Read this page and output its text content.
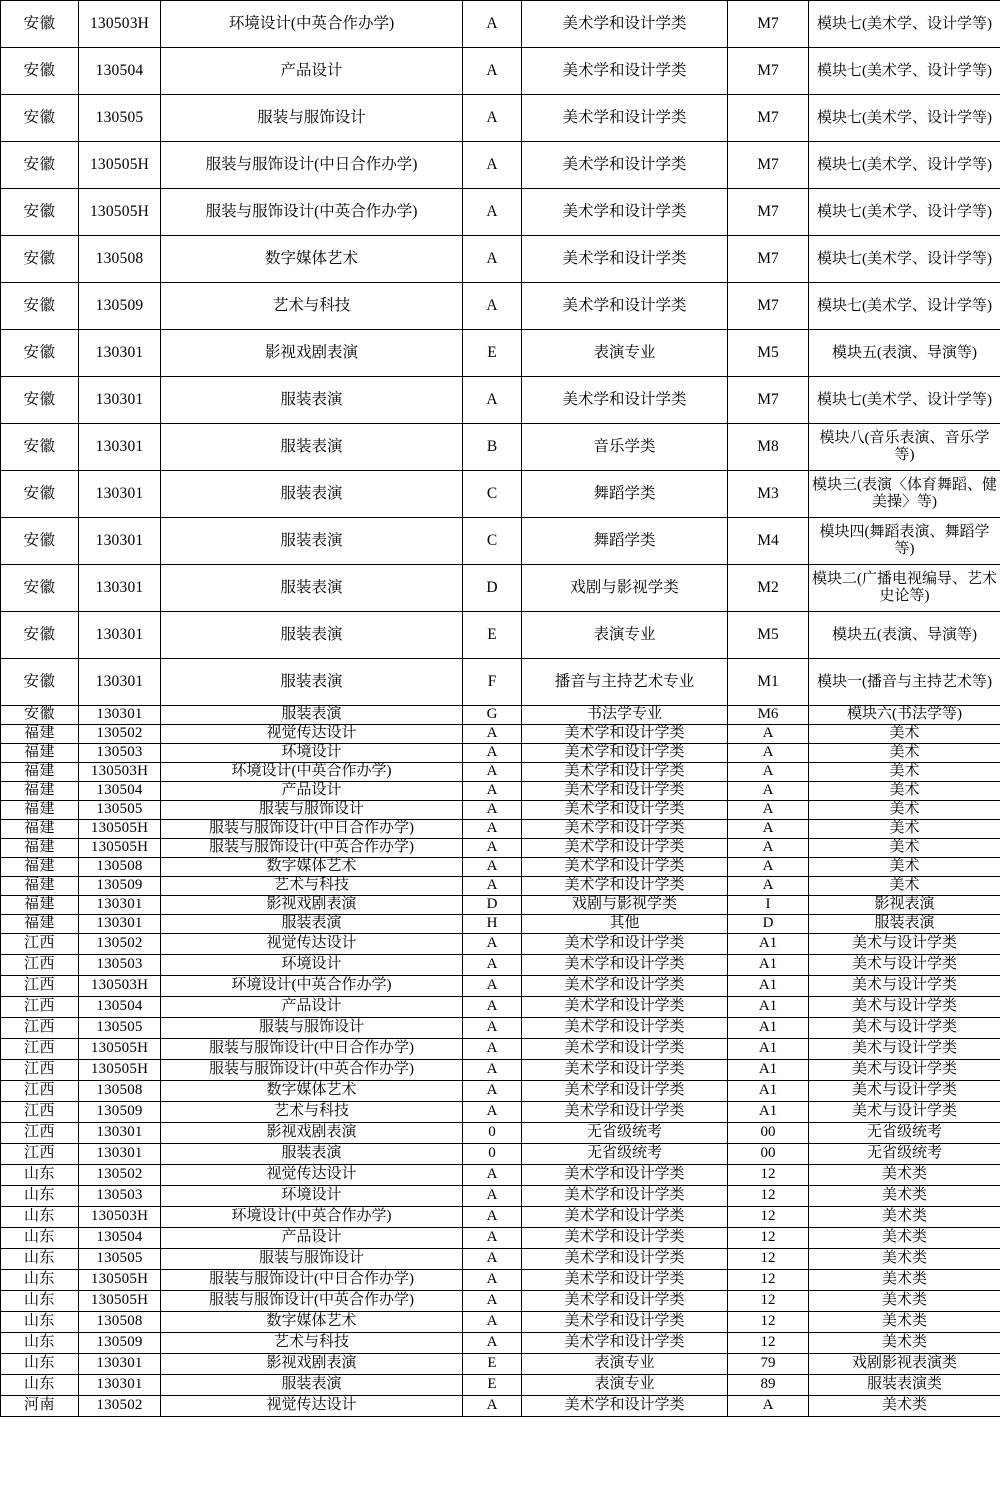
安徽	130503H	环境设计(中英合作办学)	A	美术学和设计学类	M7	模块七(美术学、设计学等)
安徽	130504	产品设计	A	美术学和设计学类	M7	模块七(美术学、设计学等)
安徽	130505	服装与服饰设计	A	美术学和设计学类	M7	模块七(美术学、设计学等)
安徽	130505H	服装与服饰设计(中日合作办学)	A	美术学和设计学类	M7	模块七(美术学、设计学等)
安徽	130505H	服装与服饰设计(中英合作办学)	A	美术学和设计学类	M7	模块七(美术学、设计学等)
安徽	130508	数字媒体艺术	A	美术学和设计学类	M7	模块七(美术学、设计学等)
安徽	130509	艺术与科技	A	美术学和设计学类	M7	模块七(美术学、设计学等)
安徽	130301	影视戏剧表演	E	表演专业	M5	模块五(表演、导演等)
安徽	130301	服装表演	A	美术学和设计学类	M7	模块七(美术学、设计学等)
安徽	130301	服装表演	B	音乐学类	M8	模块八(音乐表演、音乐学等)
安徽	130301	服装表演	C	舞蹈学类	M3	模块三(表演〈体育舞蹈、健美操〉等)
安徽	130301	服装表演	C	舞蹈学类	M4	模块四(舞蹈表演、舞蹈学等)
安徽	130301	服装表演	D	戏剧与影视学类	M2	模块二(广播电视编导、艺术史论等)
安徽	130301	服装表演	E	表演专业	M5	模块五(表演、导演等)
安徽	130301	服装表演	F	播音与主持艺术专业	M1	模块一(播音与主持艺术等)
安徽	130301	服装表演	G	书法学专业	M6	模块六(书法学等)
福建	130502	视觉传达设计	A	美术学和设计学类	A	美术
福建	130503	环境设计	A	美术学和设计学类	A	美术
福建	130503H	环境设计(中英合作办学)	A	美术学和设计学类	A	美术
福建	130504	产品设计	A	美术学和设计学类	A	美术
福建	130505	服装与服饰设计	A	美术学和设计学类	A	美术
福建	130505H	服装与服饰设计(中日合作办学)	A	美术学和设计学类	A	美术
福建	130505H	服装与服饰设计(中英合作办学)	A	美术学和设计学类	A	美术
福建	130508	数字媒体艺术	A	美术学和设计学类	A	美术
福建	130509	艺术与科技	A	美术学和设计学类	A	美术
福建	130301	影视戏剧表演	D	戏剧与影视学类	I	影视表演
福建	130301	服装表演	H	其他	D	服装表演
江西	130502	视觉传达设计	A	美术学和设计学类	A1	美术与设计学类
江西	130503	环境设计	A	美术学和设计学类	A1	美术与设计学类
江西	130503H	环境设计(中英合作办学)	A	美术学和设计学类	A1	美术与设计学类
江西	130504	产品设计	A	美术学和设计学类	A1	美术与设计学类
江西	130505	服装与服饰设计	A	美术学和设计学类	A1	美术与设计学类
江西	130505H	服装与服饰设计(中日合作办学)	A	美术学和设计学类	A1	美术与设计学类
江西	130505H	服装与服饰设计(中英合作办学)	A	美术学和设计学类	A1	美术与设计学类
江西	130508	数字媒体艺术	A	美术学和设计学类	A1	美术与设计学类
江西	130509	艺术与科技	A	美术学和设计学类	A1	美术与设计学类
江西	130301	影视戏剧表演	0	无省级统考	00	无省级统考
江西	130301	服装表演	0	无省级统考	00	无省级统考
山东	130502	视觉传达设计	A	美术学和设计学类	12	美术类
山东	130503	环境设计	A	美术学和设计学类	12	美术类
山东	130503H	环境设计(中英合作办学)	A	美术学和设计学类	12	美术类
山东	130504	产品设计	A	美术学和设计学类	12	美术类
山东	130505	服装与服饰设计	A	美术学和设计学类	12	美术类
山东	130505H	服装与服饰设计(中日合作办学)	A	美术学和设计学类	12	美术类
山东	130505H	服装与服饰设计(中英合作办学)	A	美术学和设计学类	12	美术类
山东	130508	数字媒体艺术	A	美术学和设计学类	12	美术类
山东	130509	艺术与科技	A	美术学和设计学类	12	美术类
山东	130301	影视戏剧表演	E	表演专业	79	戏剧影视表演类
山东	130301	服装表演	E	表演专业	89	服装表演类
河南	130502	视觉传达设计	A	美术学和设计学类	A	美术类
